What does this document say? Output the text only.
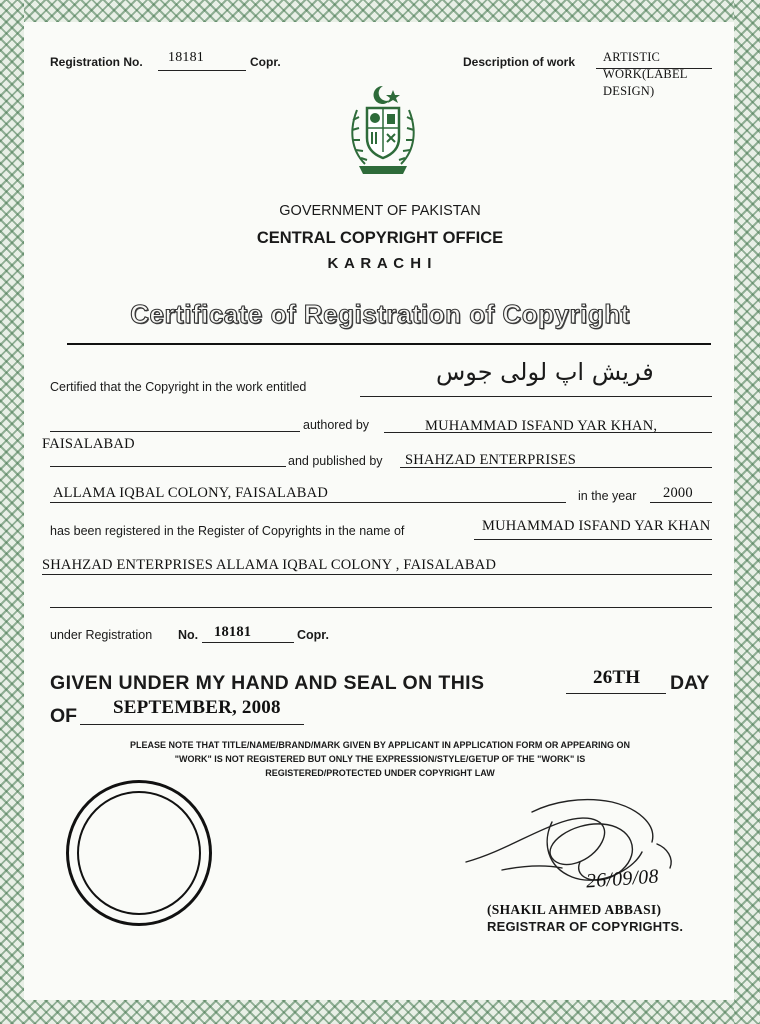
Registration No. 18181	Copr.	Description of work ARTISTIC
WORK(LABEL
DESIGN)
GOVERNMENT OF PAKISTAN
CENTRAL COPYRIGHT OFFICE
K A R A C H I
Certificate of Registration of Copyright
Certified that the Copyright in the work entitled
فریش اپ لولی جوس
authored by	MUHAMMAD ISFAND YAR KHAN,
FAISALABAD
and published by SHAHZAD ENTERPRISES
ALLAMA IQBAL COLONY, FAISALABAD	in the year 2000
has been registered in the Register of Copyrights in the name of	MUHAMMAD ISFAND YAR KHAN
SHAHZAD ENTERPRISES ALLAMA IQBAL COLONY , FAISALABAD
under Registration No. 18181	Copr.
GIVEN UNDER MY HAND AND SEAL ON THIS	26TH DAY
OF SEPTEMBER, 2008
PLEASE NOTE THAT TITLE/NAME/BRAND/MARK GIVEN BY APPLICANT IN APPLICATION FORM OR APPEARING ON
"WORK" IS NOT REGISTERED BUT ONLY THE EXPRESSION/STYLE/GETUP OF THE "WORK" IS
REGISTERED/PROTECTED UNDER COPYRIGHT LAW
26/09/08
(SHAKIL AHMED ABBASI)
REGISTRAR OF COPYRIGHTS.
